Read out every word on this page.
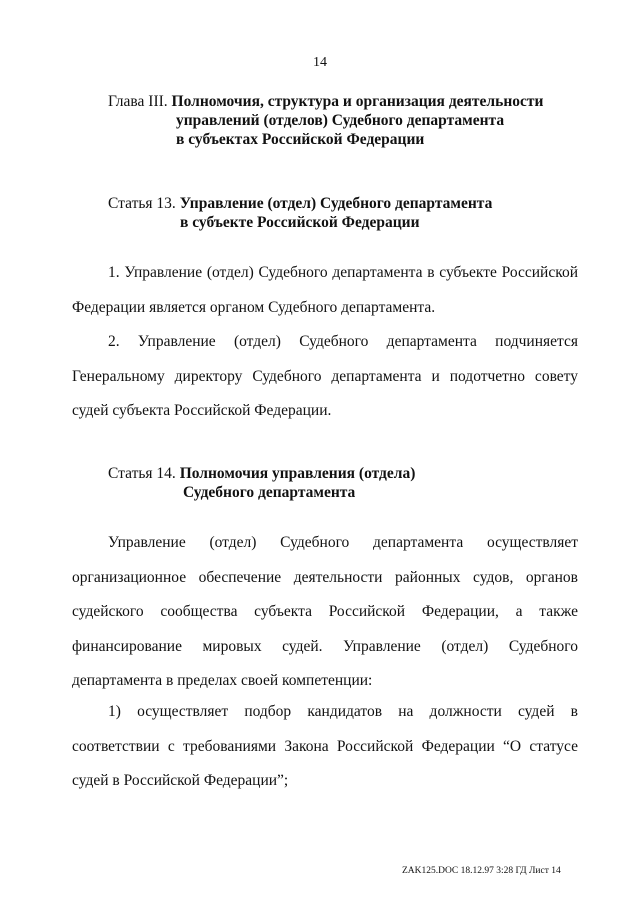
14
Глава III. Полномочия, структура и организация деятельности
управлений (отделов) Судебного департамента
в субъектах Российской Федерации
Статья 13. Управление (отдел) Судебного департамента
в субъекте Российской Федерации

1. Управление (отдел) Судебного департамента в субъекте Российской Федерации является органом Судебного департамента.

2. Управление (отдел) Судебного департамента подчиняется Генеральному директору Судебного департамента и подотчетно совету судей субъекта Российской Федерации.

Статья 14. Полномочия управления (отдела)
Судебного департамента

Управление (отдел) Судебного департамента осуществляет организационное обеспечение деятельности районных судов, органов судейского сообщества субъекта Российской Федерации, а также финансирование мировых судей. Управление (отдел) Судебного департамента в пределах своей компетенции:

1) осуществляет подбор кандидатов на должности судей в соответствии с требованиями Закона Российской Федерации “О статусе судей в Российской Федерации”;

ZAK125.DOC 18.12.97 3:28 ГД Лист 14
